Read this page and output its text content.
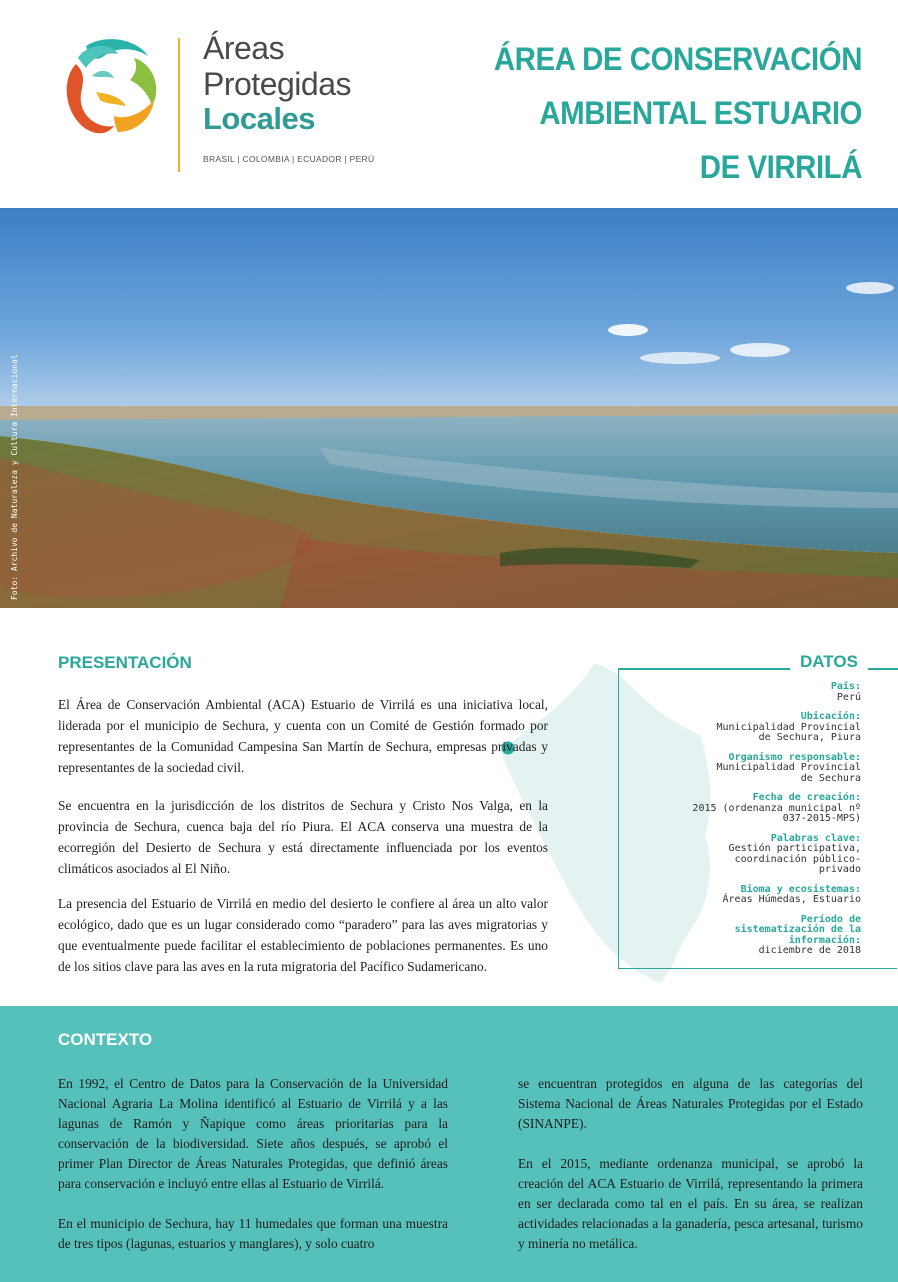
Áreas
Protegidas
Locales
BRASIL | COLOMBIA | ECUADOR | PERÚ
ÁREA DE CONSERVACIÓN
AMBIENTAL ESTUARIO
DE VIRRILÁ
Foto: Archivo de Naturaleza y Cultura Internacional
PRESENTACIÓN

El Área de Conservación Ambiental (ACA) Estuario de Virrilá es una iniciativa local, liderada por el municipio de Sechura, y cuenta con un Comité de Gestión formado por representantes de la Comunidad Campesina San Martín de Sechura, empresas privadas y representantes de la sociedad civil.

Se encuentra en la jurisdicción de los distritos de Sechura y Cristo Nos Valga, en la provincia de Sechura, cuenca baja del río Piura. El ACA conserva una muestra de la ecorregión del Desierto de Sechura y está directamente influenciada por los eventos climáticos asociados al El Niño.

La presencia del Estuario de Virrilá en medio del desierto le confiere al área un alto valor ecológico, dado que es un lugar considerado como “paradero” para las aves migratorias y que eventualmente puede facilitar el establecimiento de poblaciones permanentes. Es uno de los sitios clave para las aves en la ruta migratoria del Pacífico Sudamericano.

DATOS
País:
Perú
Ubicación:
Municipalidad Provincial de Sechura, Piura
Organismo responsable:
Municipalidad Provincial de Sechura
Fecha de creación:
2015 (ordenanza municipal nº 037-2015-MPS)
Palabras clave:
Gestión participativa, coordinación público-privado
Bioma y ecosistemas:
Áreas Húmedas, Estuario
Período de sistematización de la información:
diciembre de 2018
CONTEXTO

En 1992, el Centro de Datos para la Conservación de la Universidad Nacional Agraria La Molina identificó al Estuario de Virrilá y a las lagunas de Ramón y Ñapique como áreas prioritarias para la conservación de la biodiversidad. Siete años después, se aprobó el primer Plan Director de Áreas Naturales Protegidas, que definió áreas para conservación e incluyó entre ellas al Estuario de Virrilá.

En el municipio de Sechura, hay 11 humedales que forman una muestra de tres tipos (lagunas, estuarios y manglares), y solo cuatro

se encuentran protegidos en alguna de las categorías del Sistema Nacional de Áreas Naturales Protegidas por el Estado (SINANPE).

En el 2015, mediante ordenanza municipal, se aprobó la creación del ACA Estuario de Virrilá, representando la primera en ser declarada como tal en el país. En su área, se realizan actividades relacionadas a la ganadería, pesca artesanal, turismo y minería no metálica.
